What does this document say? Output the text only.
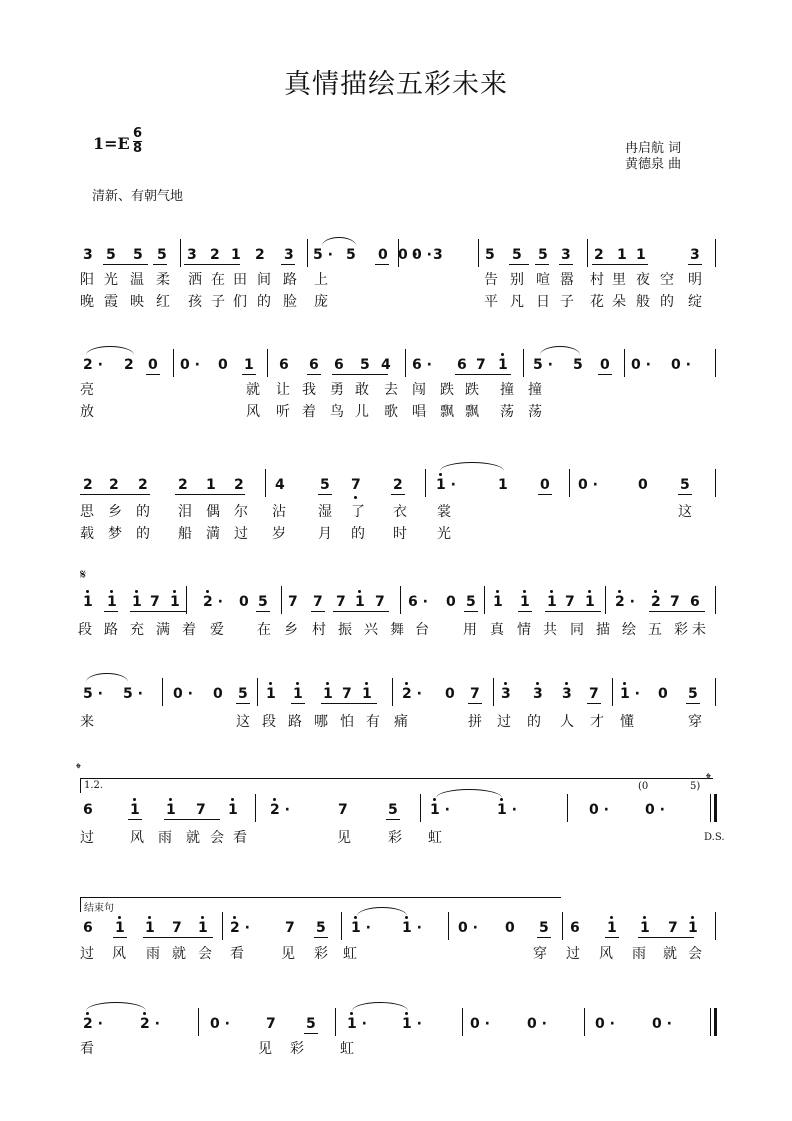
真情描绘五彩未来
1=E
6
8	冉启航 词
黄德泉 曲
清新、有朝气地
3 5 5 5 3 2 1 2 3 5 · 5 0 0 ·
0 · 3	5 5 5 3 2 1 1	3
阳 光 温 柔 洒 在 田 间 路 上	告 别 喧 嚣 村 里 夜 空 明
晚 霞 映 红 孩 子 们 的 脸 庞	平 凡 日 子 花 朵 般 的 绽
2 · 2 0 0 · 0 1 6 6 6 5 4 6 · 6 7 1 5 · 5 0 0 · 0 ·
亮	就 让 我 勇 敢 去 闯 跌 跌 撞 撞
放	风 听 着 鸟 儿 歌 唱 飘 飘 荡 荡
2 2 2 2 1 2 4	5 7 2 1 ·	1 0 0 ·	0 5
思 乡 的 泪 偶 尔 沾 湿 了 衣 裳	这
载 梦 的 船 満 过 岁 月 的 时 光
𝄋
1 1 1 7 1 2 · 0 5 7 7 7 1 7 6 · 0 5 1 1 1 7 1 2 · 2 7 6
段 路 充 满 着 爱 在 乡 村 振 兴 舞 台 用 真 情 共 同 描 绘 五 彩 未
5 · 5 · 0 · 0 5 1 1 1 7 1 2 · 0 7 3 3 3 7 1 · 0 5
来	这 段 路 哪 怕 有 痛	拼 过 的 人 才 懂	穿
𝄌
1.2.	(0	5) 𝄌
6	1 1 7 1 2 ·	7	5 1 ·	1 ·	0 ·	0 ·
D.S.
过	风 雨 就 会 看	见	彩 虹
结束句
6 1 1 7 1 2 ·	7 5 1 · 1 ·	0 · 0 5 6 1 1 7 1
过 风 雨 就 会 看	见 彩 虹	穿 过 风 雨 就 会
2 ·	2 ·	0 ·	7 5 1 ·	1 ·	0 ·	0 ·	0 ·	0 ·
看	见 彩	虹
